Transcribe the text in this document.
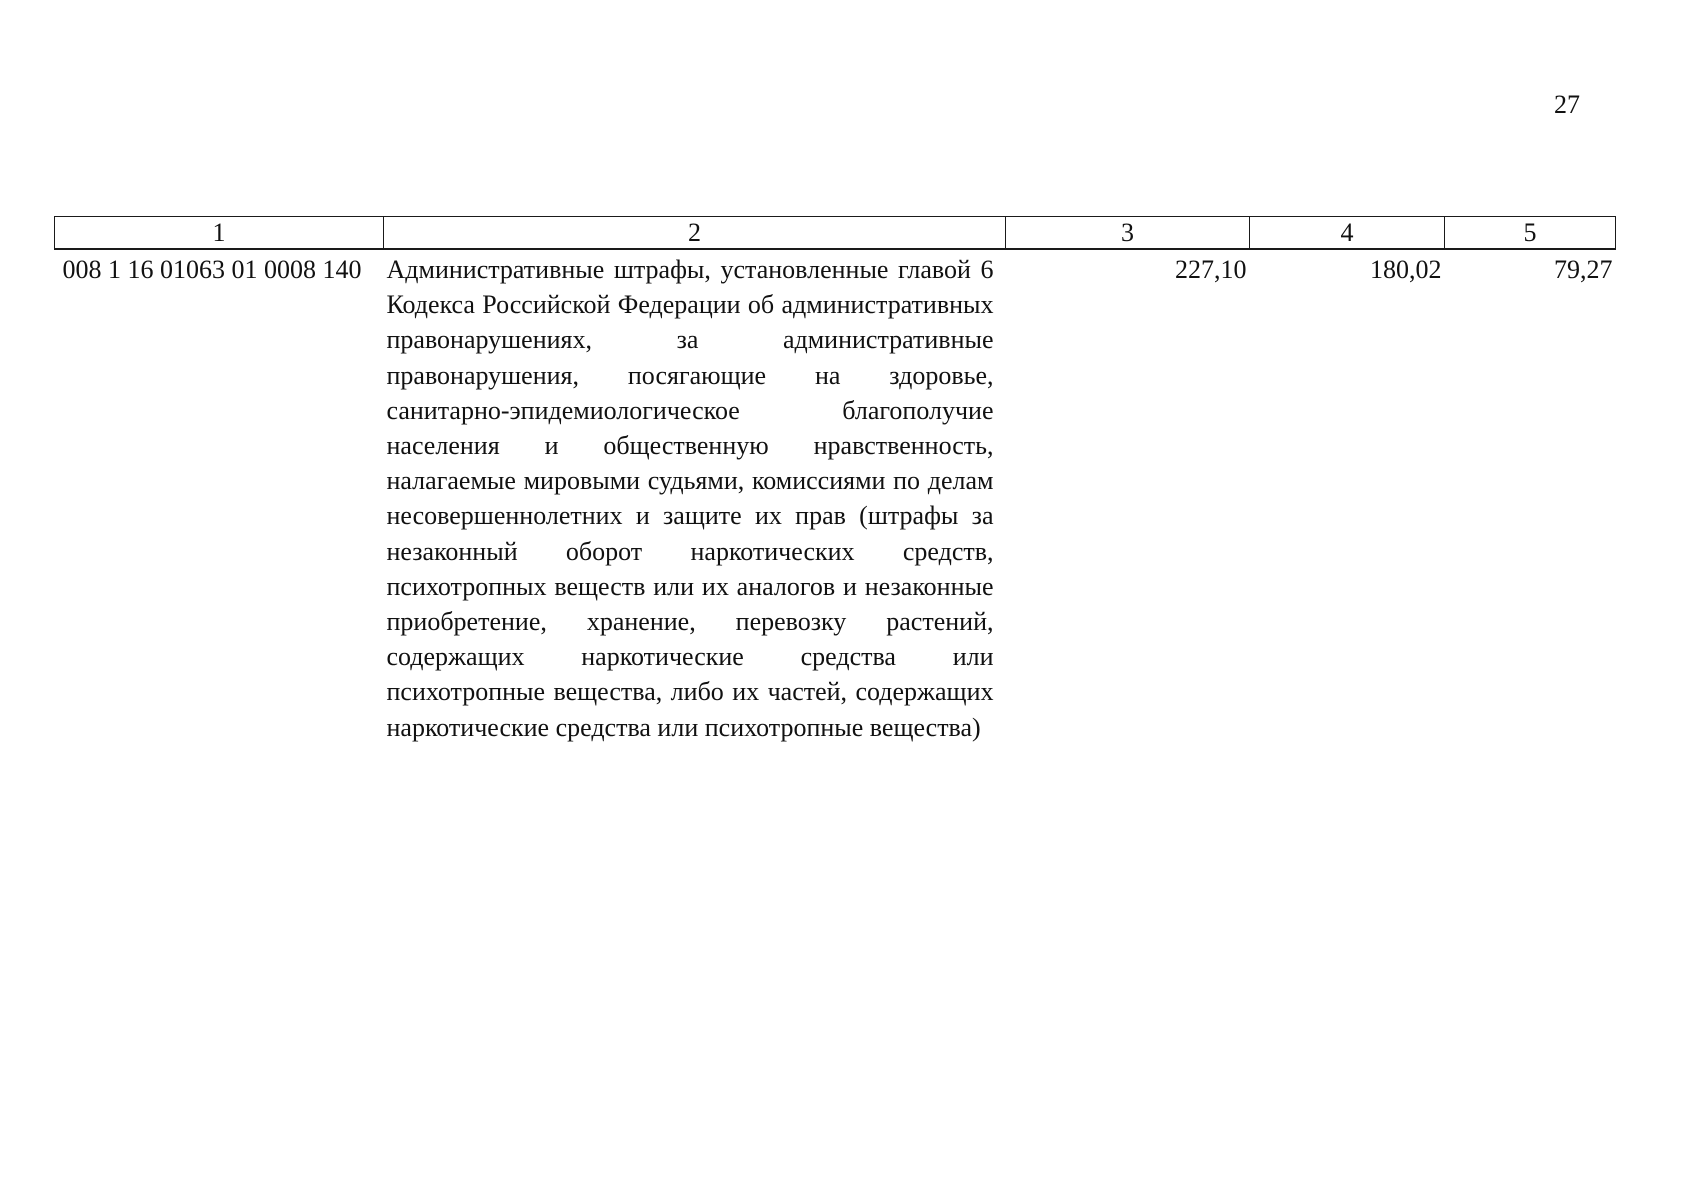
27
1	2	3	4	5
008 1 16 01063 01 0008 140	Административные штрафы, установленные главой 6 Кодекса Российской Федерации об административных правонарушениях, за административные правонарушения, посягающие на здоровье, санитарно-эпидемиологическое благополучие населения и общественную нравственность, налагаемые мировыми судьями, комиссиями по делам несовершеннолетних и защите их прав (штрафы за незаконный оборот наркотических средств, психотропных веществ или их аналогов и незаконные приобретение, хранение, перевозку растений, содержащих наркотические средства или психотропные вещества, либо их частей, содержащих наркотические средства или психотропные вещества)	227,10	180,02	79,27
